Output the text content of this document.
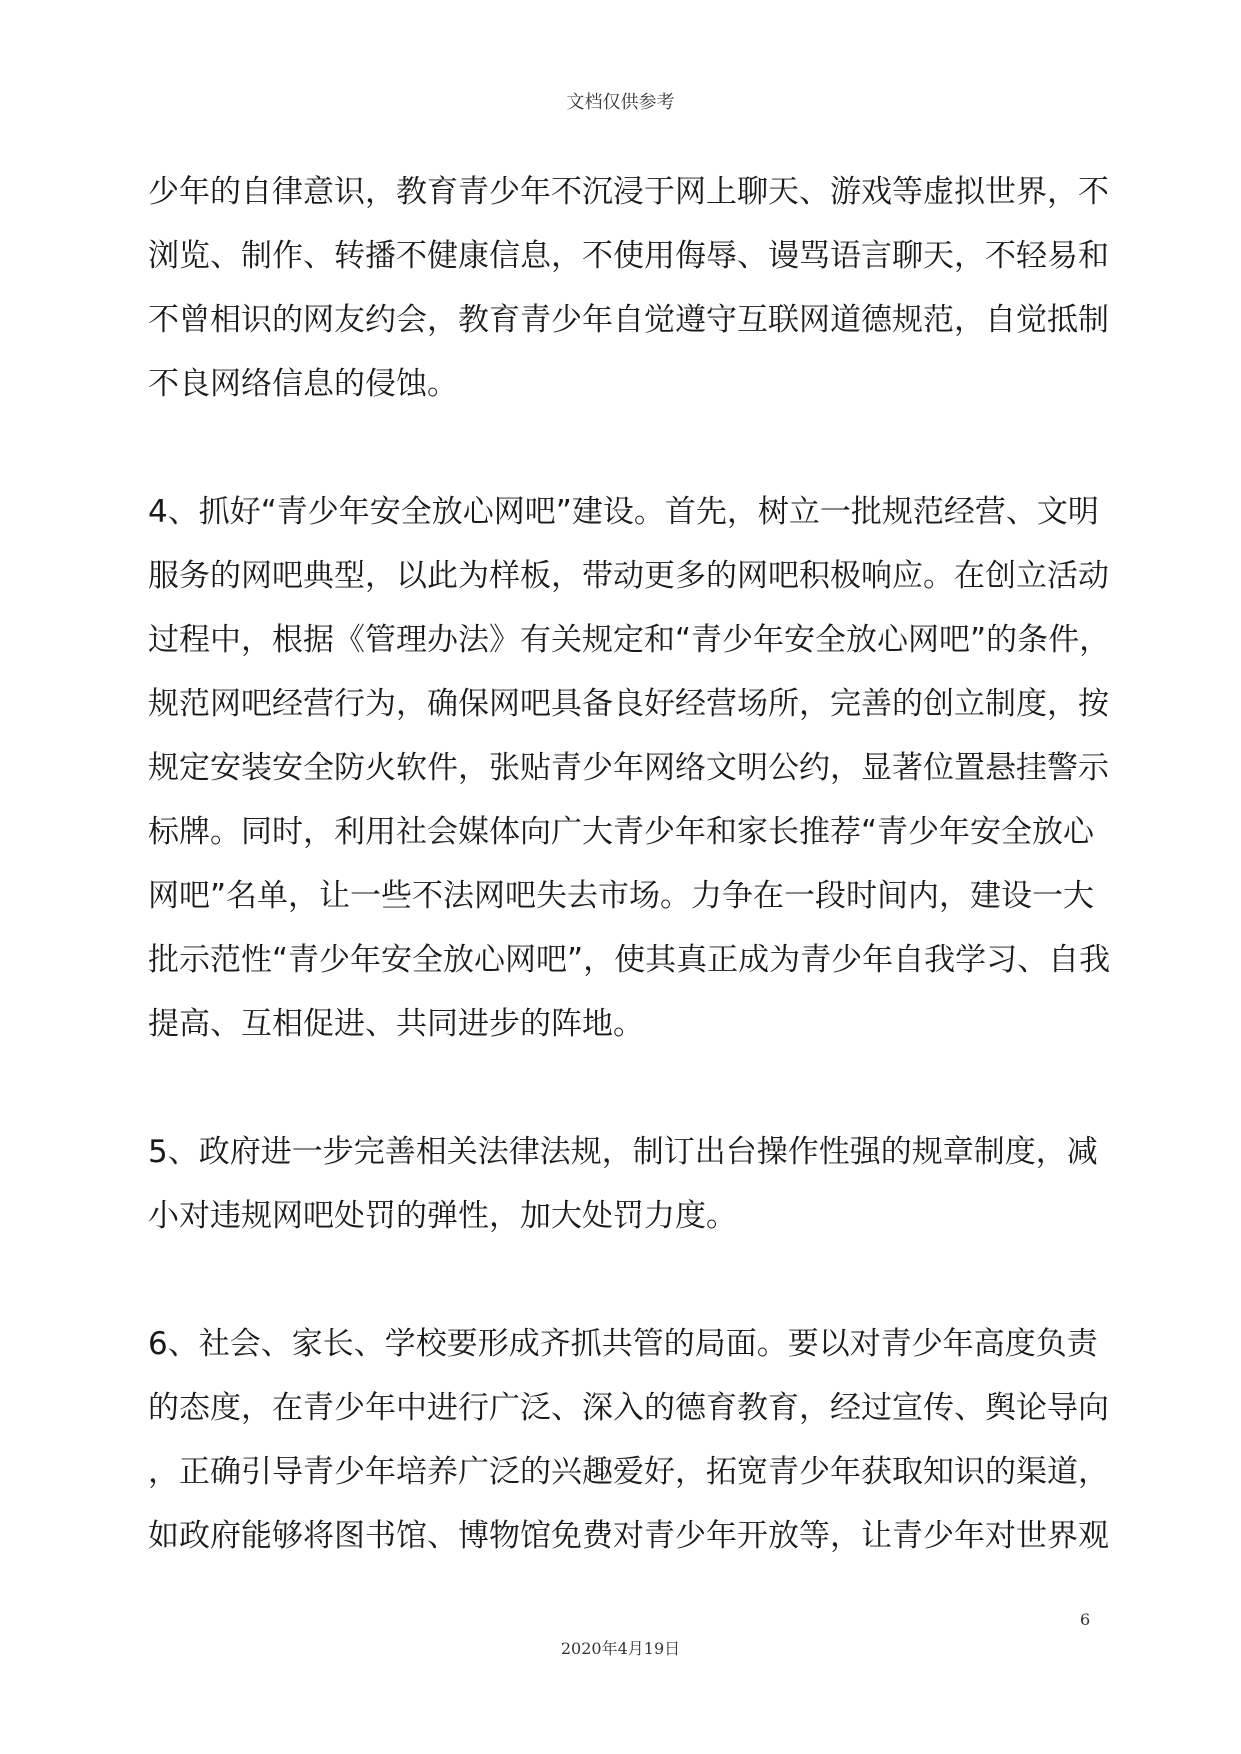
文档仅供参考
少年的自律意识，教育青少年不沉浸于网上聊天、游戏等虚拟世界，不
浏览、制作、转播不健康信息，不使用侮辱、谩骂语言聊天，不轻易和
不曾相识的网友约会，教育青少年自觉遵守互联网道德规范，自觉抵制
不良网络信息的侵蚀。
4、抓好“青少年安全放心网吧”建设。首先，树立一批规范经营、文明
服务的网吧典型，以此为样板，带动更多的网吧积极响应。在创立活动
过程中，根据《管理办法》有关规定和“青少年安全放心网吧”的条件，
规范网吧经营行为，确保网吧具备良好经营场所，完善的创立制度，按
规定安装安全防火软件，张贴青少年网络文明公约，显著位置悬挂警示
标牌。同时，利用社会媒体向广大青少年和家长推荐“青少年安全放心
网吧”名单，让一些不法网吧失去市场。力争在一段时间内，建设一大
批示范性“青少年安全放心网吧”，使其真正成为青少年自我学习、自我
提高、互相促进、共同进步的阵地。
5、政府进一步完善相关法律法规，制订出台操作性强的规章制度，减
小对违规网吧处罚的弹性，加大处罚力度。
6、社会、家长、学校要形成齐抓共管的局面。要以对青少年高度负责
的态度，在青少年中进行广泛、深入的德育教育，经过宣传、舆论导向
，正确引导青少年培养广泛的兴趣爱好，拓宽青少年获取知识的渠道，
如政府能够将图书馆、博物馆免费对青少年开放等，让青少年对世界观
6
2020年4月19日
